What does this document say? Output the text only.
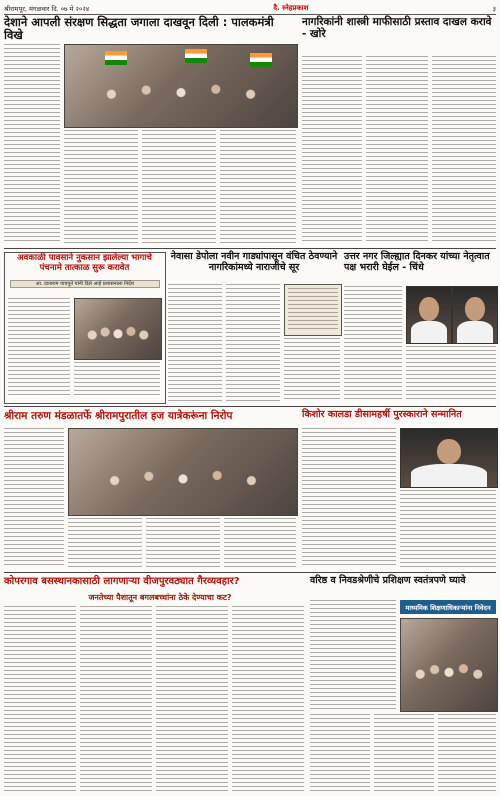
श्रीरामपूर, मंगळवार दि. ०७ मे २०२४	दै. स्नेहप्रकाश	३
देशाने आपली संरक्षण सिद्धता जगाला दाखवून दिली : पालकमंत्री विखे
नागरिकांनी शास्त्री माफीसाठी प्रस्ताव दाखल करावे - खोरे
अवकाळी पावसाने नुकसान झालेल्या भागाचे पंचनामे तात्काळ सुरू करावेत
आ. दाताराम पाचपुते यांनी दिले आहे प्रशासनाला निर्देश
नेवासा डेपोला नवीन गाड्यांपासून वंचित ठेवण्याने नागरिकांमध्ये नाराजीचे सूर
उत्तर नगर जिल्ह्यात दिनकर यांच्या नेतृत्वात पक्ष भरारी घेईल - चिंधे
श्रीराम तरुण मंडळातर्फे श्रीरामपुरातील हज यात्रेकरूंना निरोप	किशोर कालडा डीसामहर्षी पुरस्काराने सन्मानित
कोपरगाव बसस्थानकासाठी लागणाऱ्या वीजपुरवठ्यात गैरव्यवहार?
जनतेच्या पैशातून बगलबच्चांना ठेके देण्याचा कट?
वरिष्ठ व निवडश्रेणीचे प्रशिक्षण स्वतंत्रपणे घ्यावे
माध्यमिक शिक्षणाधिकाऱ्यांना निवेदन
